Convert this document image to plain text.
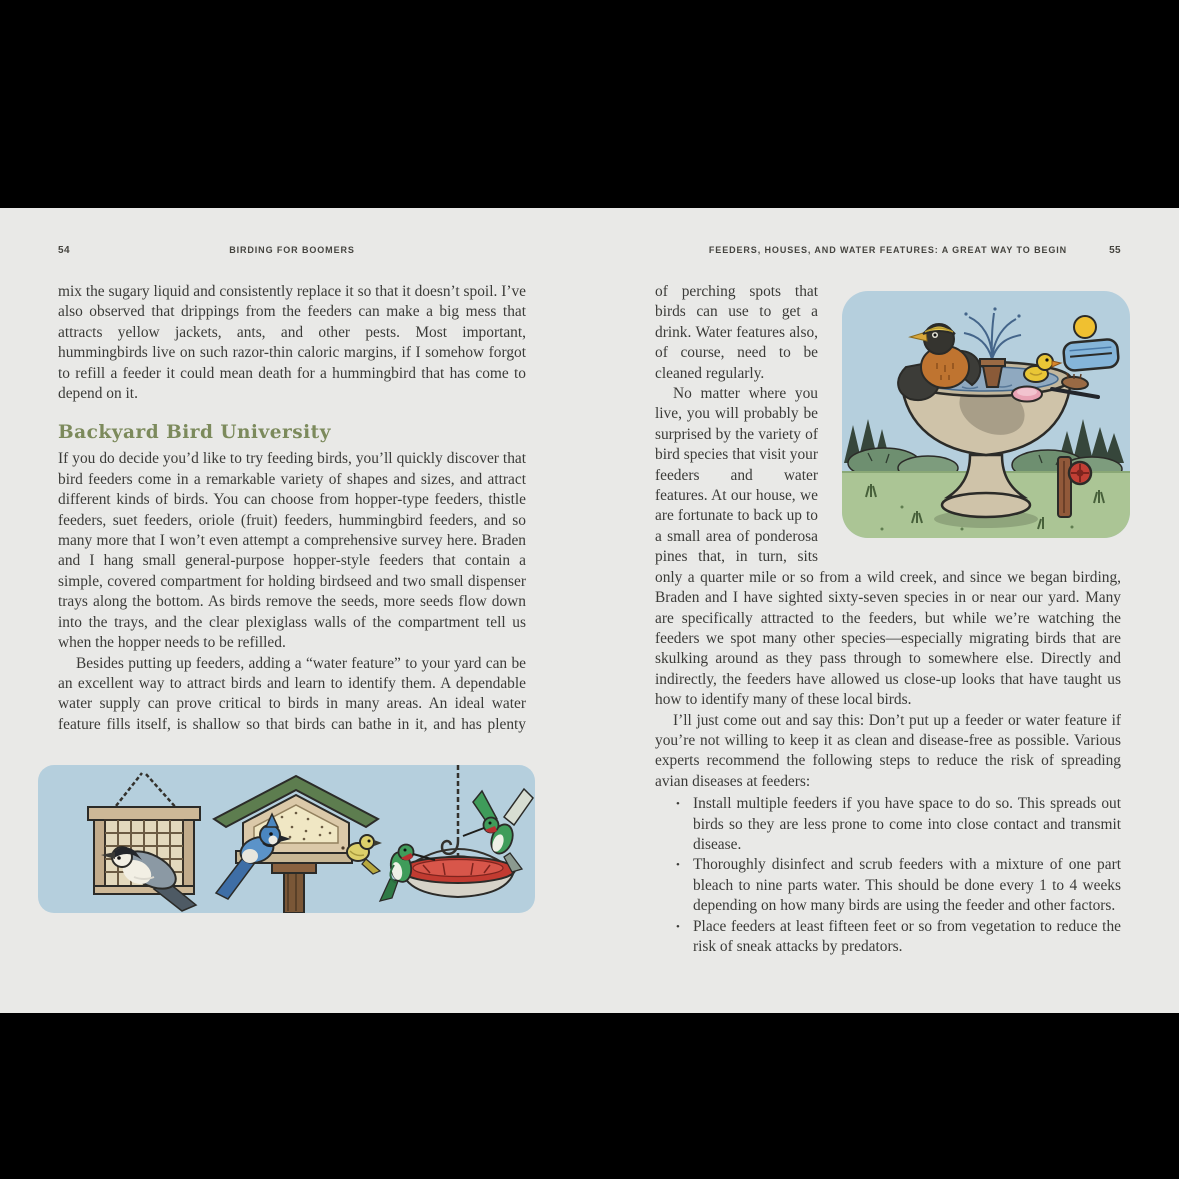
54	BIRDING FOR BOOMERS

mix the sugary liquid and consistently replace it so that it doesn’t spoil. I’ve also observed that drippings from the feeders can make a big mess that attracts yellow jackets, ants, and other pests. Most important, hummingbirds live on such razor-thin caloric margins, if I somehow forgot to refill a feeder it could mean death for a hummingbird that has come to depend on it.

Backyard Bird University

If you do decide you’d like to try feeding birds, you’ll quickly discover that bird feeders come in a remarkable variety of shapes and sizes, and attract different kinds of birds. You can choose from hopper-type feeders, thistle feeders, suet feeders, oriole (fruit) feeders, hummingbird feeders, and so many more that I won’t even attempt a comprehensive survey here. Braden and I hang small general-purpose hopper-style feeders that contain a simple, covered compartment for holding birdseed and two small dispenser trays along the bottom. As birds remove the seeds, more seeds flow down into the trays, and the clear plexiglass walls of the compartment tell us when the hopper needs to be refilled.

Besides putting up feeders, adding a “water feature” to your yard can be an excellent way to attract birds and learn to identify them. A dependable water supply can prove critical to birds in many areas. An ideal water feature fills itself, is shallow so that birds can bathe in it, and has plenty

55
FEEDERS, HOUSES, AND WATER FEATURES: A GREAT WAY TO BEGIN

of perching spots that birds can use to get a drink. Water features also, of course, need to be cleaned regularly.

No matter where you live, you will probably be surprised by the variety of bird species that visit your feeders and water features. At our house, we are fortunate to back up to a small area of ponderosa pines that, in turn, sits only a quarter mile or so from a wild creek, and since we began birding, Braden and I have sighted sixty-seven species in or near our yard. Many are specifically attracted to the feeders, but while we’re watching the feeders we spot many other species—especially migrating birds that are skulking around as they pass through to somewhere else. Directly and indirectly, the feeders have allowed us close-up looks that have taught us how to identify many of these local birds.

I’ll just come out and say this: Don’t put up a feeder or water feature if you’re not willing to keep it as clean and disease-free as possible. Various experts recommend the following steps to reduce the risk of spreading avian diseases at feeders:

• Install multiple feeders if you have space to do so. This spreads out birds so they are less prone to come into close contact and transmit disease.

• Thoroughly disinfect and scrub feeders with a mixture of one part bleach to nine parts water. This should be done every 1 to 4 weeks depending on how many birds are using the feeder and other factors.

• Place feeders at least fifteen feet or so from vegetation to reduce the risk of sneak attacks by predators.
